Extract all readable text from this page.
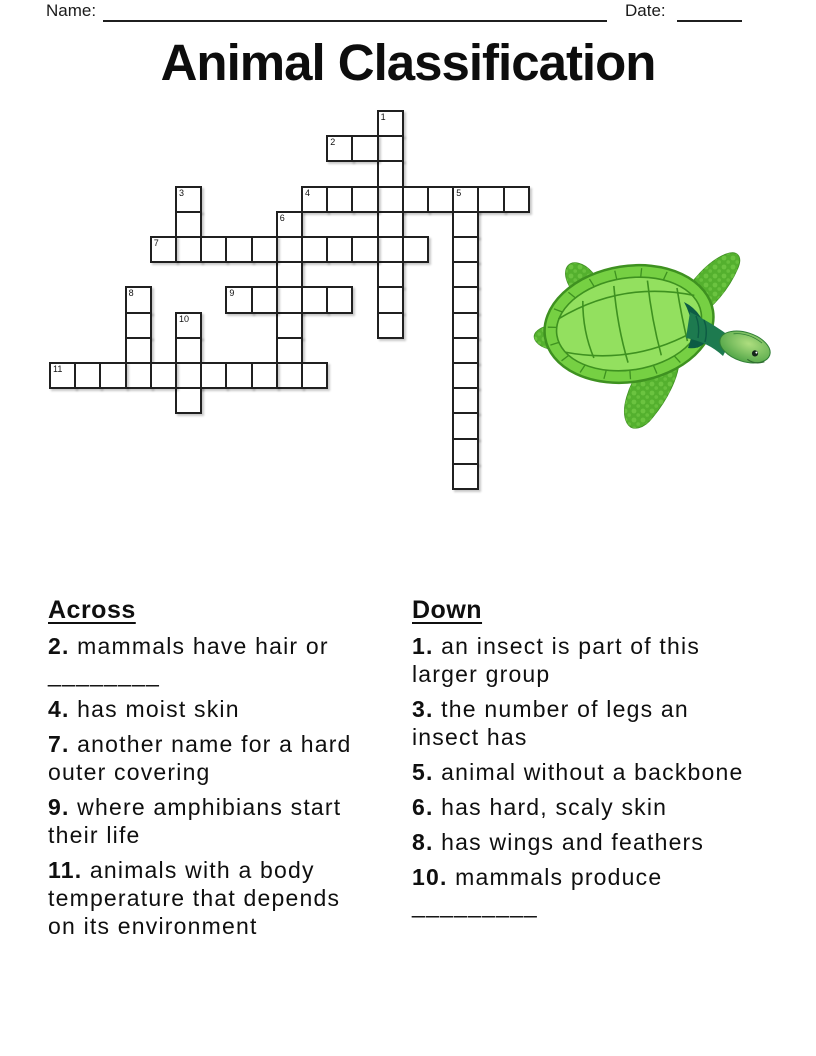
Name:	Date:
Animal Classification
1
2
3	4	5
6
7
8	9
10
11
Across
2. mammals have hair or ________
4. has moist skin
7. another name for a hard outer covering
9. where amphibians start their life
11. animals with a body temperature that depends on its environment
Down
1. an insect is part of this larger group
3. the number of legs an insect has
5. animal without a backbone
6. has hard, scaly skin
8. has wings and feathers
10. mammals produce _________
